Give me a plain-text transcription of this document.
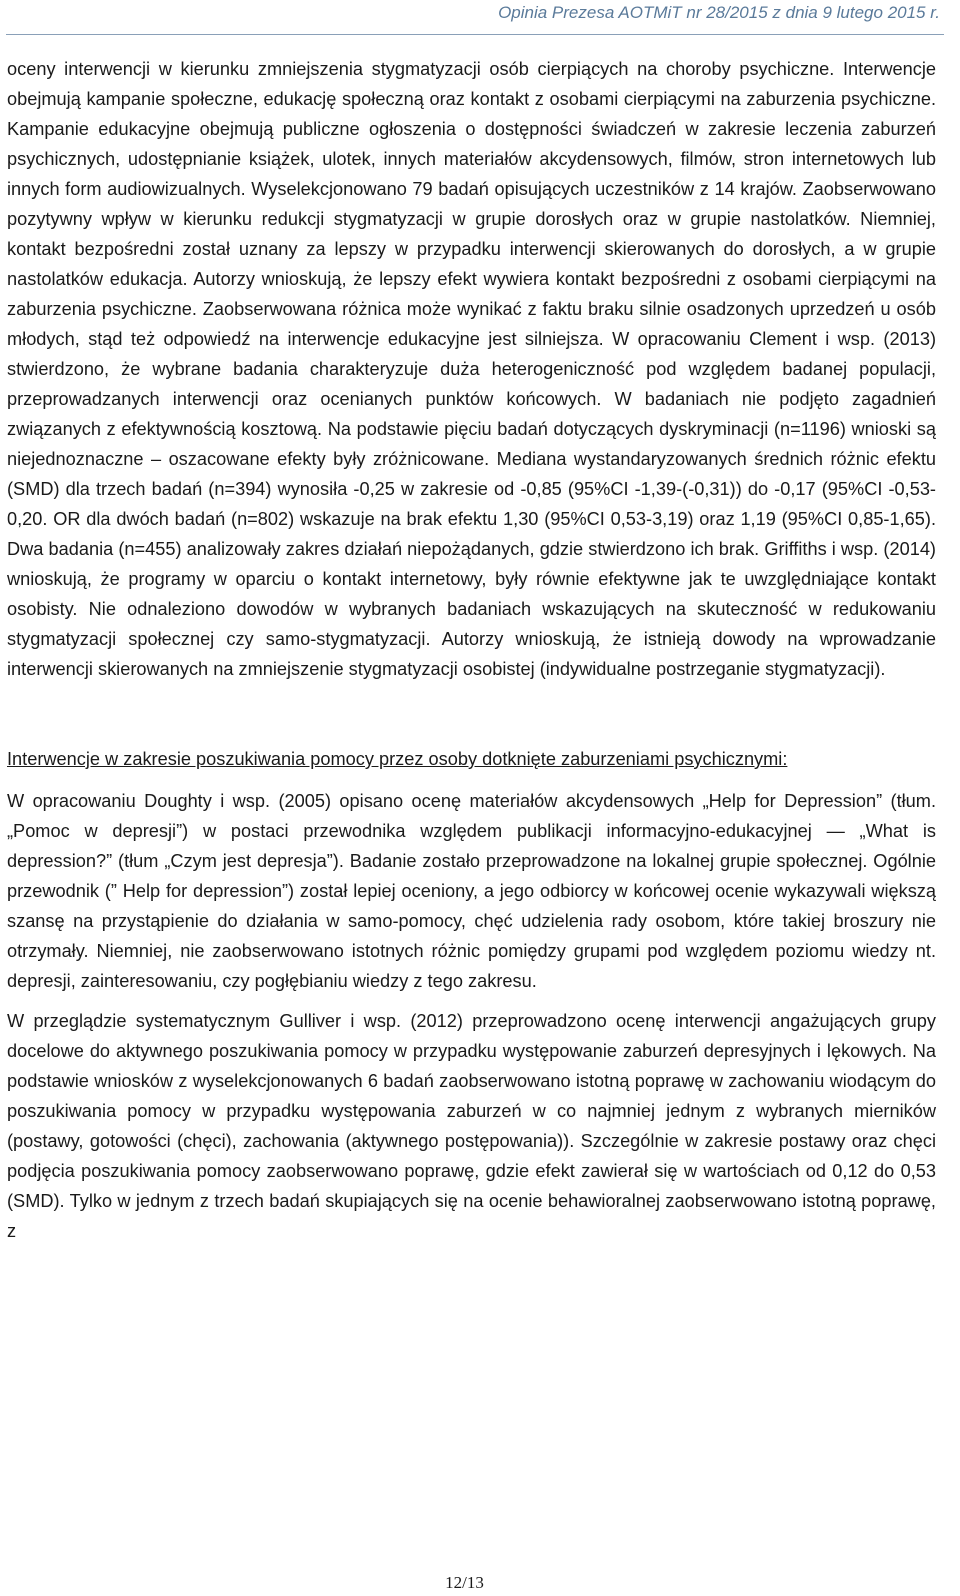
Opinia Prezesa AOTMiT nr 28/2015 z dnia 9 lutego 2015 r.

oceny interwencji w kierunku zmniejszenia stygmatyzacji osób cierpiących na choroby psychiczne. Interwencje obejmują kampanie społeczne, edukację społeczną oraz kontakt z osobami cierpiącymi na zaburzenia psychiczne. Kampanie edukacyjne obejmują publiczne ogłoszenia o dostępności świadczeń w zakresie leczenia zaburzeń psychicznych, udostępnianie książek, ulotek, innych materiałów akcydensowych, filmów, stron internetowych lub innych form audiowizualnych. Wyselekcjonowano 79 badań opisujących uczestników z 14 krajów. Zaobserwowano pozytywny wpływ w kierunku redukcji stygmatyzacji w grupie dorosłych oraz w grupie nastolatków. Niemniej, kontakt bezpośredni został uznany za lepszy w przypadku interwencji skierowanych do dorosłych, a w grupie nastolatków edukacja. Autorzy wnioskują, że lepszy efekt wywiera kontakt bezpośredni z osobami cierpiącymi na zaburzenia psychiczne. Zaobserwowana różnica może wynikać z faktu braku silnie osadzonych uprzedzeń u osób młodych, stąd też odpowiedź na interwencje edukacyjne jest silniejsza. W opracowaniu Clement i wsp. (2013) stwierdzono, że wybrane badania charakteryzuje duża heterogeniczność pod względem badanej populacji, przeprowadzanych interwencji oraz ocenianych punktów końcowych. W badaniach nie podjęto zagadnień związanych z efektywnością kosztową. Na podstawie pięciu badań dotyczących dyskryminacji (n=1196) wnioski są niejednoznaczne – oszacowane efekty były zróżnicowane. Mediana wystandaryzowanych średnich różnic efektu (SMD) dla trzech badań (n=394) wynosiła -0,25 w zakresie od -0,85 (95%CI -1,39-(-0,31)) do -0,17 (95%CI -0,53-0,20. OR dla dwóch badań (n=802) wskazuje na brak efektu 1,30 (95%CI 0,53-3,19) oraz 1,19 (95%CI 0,85-1,65). Dwa badania (n=455) analizowały zakres działań niepożądanych, gdzie stwierdzono ich brak. Griffiths i wsp. (2014) wnioskują, że programy w oparciu o kontakt internetowy, były równie efektywne jak te uwzględniające kontakt osobisty. Nie odnaleziono dowodów w wybranych badaniach wskazujących na skuteczność w redukowaniu stygmatyzacji społecznej czy samo-stygmatyzacji. Autorzy wnioskują, że istnieją dowody na wprowadzanie interwencji skierowanych na zmniejszenie stygmatyzacji osobistej (indywidualne postrzeganie stygmatyzacji).

Interwencje w zakresie poszukiwania pomocy przez osoby dotknięte zaburzeniami psychicznymi:

W opracowaniu Doughty i wsp. (2005) opisano ocenę materiałów akcydensowych „Help for Depression” (tłum. „Pomoc w depresji”) w postaci przewodnika względem publikacji informacyjno-edukacyjnej — „What is depression?” (tłum „Czym jest depresja”). Badanie zostało przeprowadzone na lokalnej grupie społecznej. Ogólnie przewodnik (” Help for depression”) został lepiej oceniony, a jego odbiorcy w końcowej ocenie wykazywali większą szansę na przystąpienie do działania w samo-pomocy, chęć udzielenia rady osobom, które takiej broszury nie otrzymały. Niemniej, nie zaobserwowano istotnych różnic pomiędzy grupami pod względem poziomu wiedzy nt. depresji, zainteresowaniu, czy pogłębianiu wiedzy z tego zakresu.

W przeglądzie systematycznym Gulliver i wsp. (2012) przeprowadzono ocenę interwencji angażujących grupy docelowe do aktywnego poszukiwania pomocy w przypadku występowanie zaburzeń depresyjnych i lękowych. Na podstawie wniosków z wyselekcjonowanych 6 badań zaobserwowano istotną poprawę w zachowaniu wiodącym do poszukiwania pomocy w przypadku występowania zaburzeń w co najmniej jednym z wybranych mierników (postawy, gotowości (chęci), zachowania (aktywnego postępowania)). Szczególnie w zakresie postawy oraz chęci podjęcia poszukiwania pomocy zaobserwowano poprawę, gdzie efekt zawierał się w wartościach od 0,12 do 0,53 (SMD). Tylko w jednym z trzech badań skupiających się na ocenie behawioralnej zaobserwowano istotną poprawę, z

12/13
